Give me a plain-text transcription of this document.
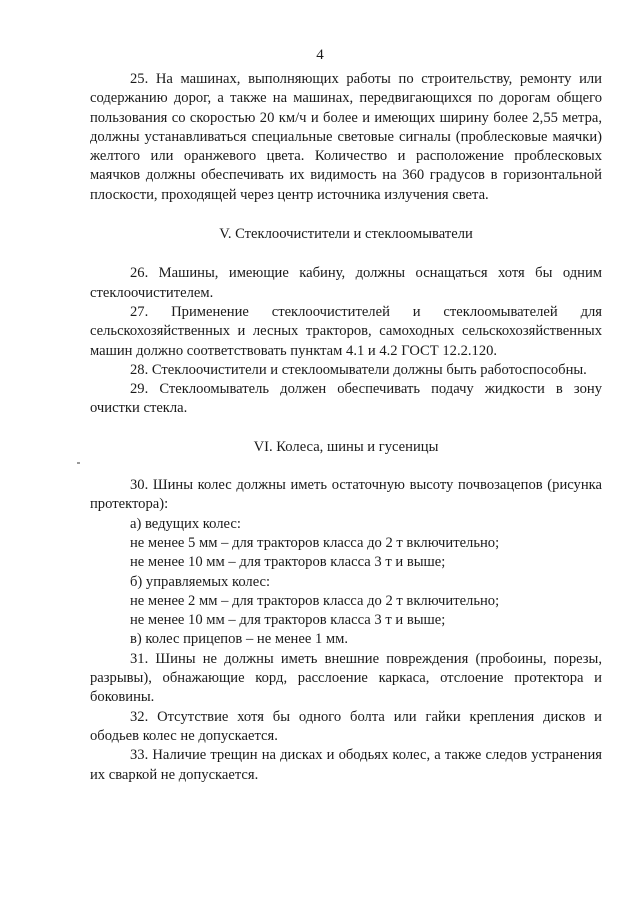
4

25. На машинах, выполняющих работы по строительству, ремонту или содержанию дорог, а также на машинах, передвигающихся по дорогам общего пользования со скоростью 20 км/ч и более и имеющих ширину более 2,55 метра, должны устанавливаться специальные световые сигналы (проблесковые маячки) желтого или оранжевого цвета. Количество и расположение проблесковых маячков должны обеспечивать их видимость на 360 градусов в горизонтальной плоскости, проходящей через центр источника излучения света.

V. Стеклоочистители и стеклоомыватели

26. Машины, имеющие кабину, должны оснащаться хотя бы одним стеклоочистителем.

27. Применение стеклоочистителей и стеклоомывателей для сельскохозяйственных и лесных тракторов, самоходных сельскохозяйственных машин должно соответствовать пунктам 4.1 и 4.2 ГОСТ 12.2.120.

28. Стеклоочистители и стеклоомыватели должны быть работоспособны.

29. Стеклоомыватель должен обеспечивать подачу жидкости в зону очистки стекла.

VI. Колеса, шины и гусеницы

30. Шины колес должны иметь остаточную высоту почвозацепов (рисунка протектора):

а) ведущих колес:

не менее 5 мм – для тракторов класса до 2 т включительно;

не менее 10 мм – для тракторов класса 3 т и выше;

б) управляемых колес:

не менее 2 мм – для тракторов класса до 2 т включительно;

не менее 10 мм – для тракторов класса 3 т и выше;

в) колес прицепов – не менее 1 мм.

31. Шины не должны иметь внешние повреждения (пробоины, порезы, разрывы), обнажающие корд, расслоение каркаса, отслоение протектора и боковины.

32. Отсутствие хотя бы одного болта или гайки крепления дисков и ободьев колес не допускается.

33. Наличие трещин на дисках и ободьях колес, а также следов устранения их сваркой не допускается.
